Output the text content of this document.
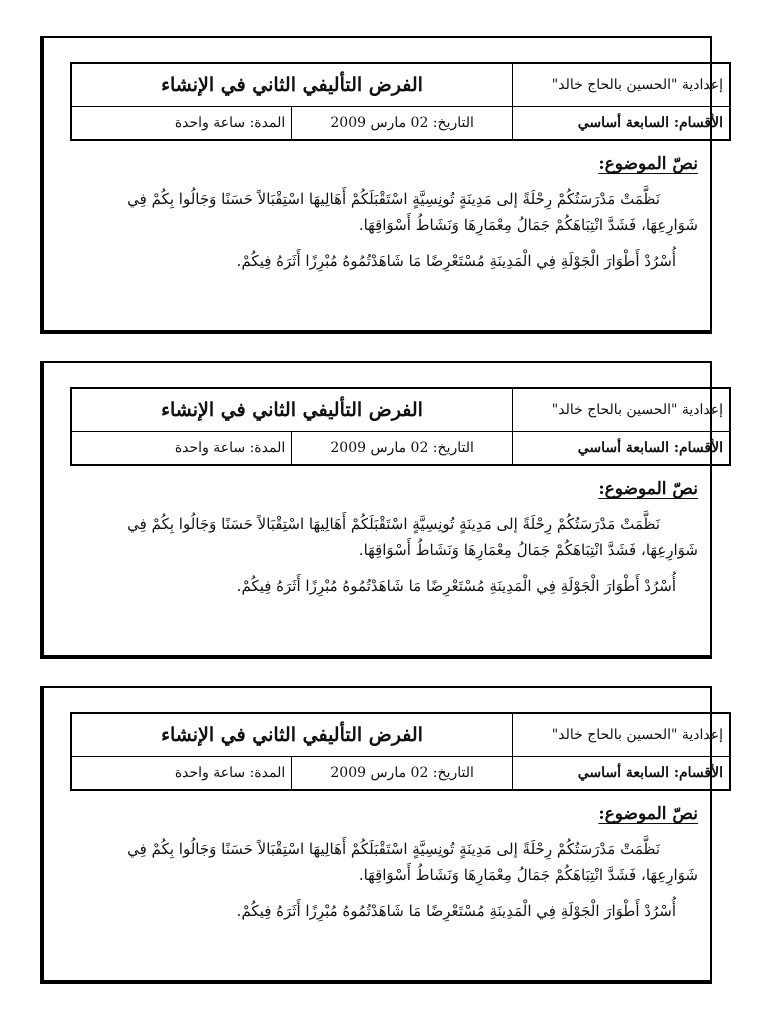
إعدادية "الحسين بالحاج خالد"	الفرض التأليفي الثاني في الإنشاء	
الأقسام: السابعة أساسي	التاريخ: 02 مارس 2009	المدة: ساعة واحدة
نصّ الموضوع:
نَظَّمَتْ مَدْرَسَتُكُمْ رِحْلَةً إلى مَدِينَةٍ تُونِسِيَّةٍ اسْتَقْبَلَكُمْ أَهَالِيهَا اسْتِقْبَالاً حَسَنًا وَجَالُوا بِكُمْ فِي
شَوَارِعِهَا، فَشَدَّ انْتِبَاهَكُمْ جَمَالُ مِعْمَارِهَا وَنَشَاطُ أَسْوَاقِهَا.
أُسْرُدْ أَطْوَارَ الْجَوْلَةِ فِي الْمَدِينَةِ مُسْتَعْرِضًا مَا شَاهَدْتُمُوهُ مُبْرِزًا أَثَرَهُ فِيكُمْ.
إعدادية "الحسين بالحاج خالد"	الفرض التأليفي الثاني في الإنشاء	
الأقسام: السابعة أساسي	التاريخ: 02 مارس 2009	المدة: ساعة واحدة
نصّ الموضوع:
نَظَّمَتْ مَدْرَسَتُكُمْ رِحْلَةً إلى مَدِينَةٍ تُونِسِيَّةٍ اسْتَقْبَلَكُمْ أَهَالِيهَا اسْتِقْبَالاً حَسَنًا وَجَالُوا بِكُمْ فِي
شَوَارِعِهَا، فَشَدَّ انْتِبَاهَكُمْ جَمَالُ مِعْمَارِهَا وَنَشَاطُ أَسْوَاقِهَا.
أُسْرُدْ أَطْوَارَ الْجَوْلَةِ فِي الْمَدِينَةِ مُسْتَعْرِضًا مَا شَاهَدْتُمُوهُ مُبْرِزًا أَثَرَهُ فِيكُمْ.
إعدادية "الحسين بالحاج خالد"	الفرض التأليفي الثاني في الإنشاء	
الأقسام: السابعة أساسي	التاريخ: 02 مارس 2009	المدة: ساعة واحدة
نصّ الموضوع:
نَظَّمَتْ مَدْرَسَتُكُمْ رِحْلَةً إلى مَدِينَةٍ تُونِسِيَّةٍ اسْتَقْبَلَكُمْ أَهَالِيهَا اسْتِقْبَالاً حَسَنًا وَجَالُوا بِكُمْ فِي
شَوَارِعِهَا، فَشَدَّ انْتِبَاهَكُمْ جَمَالُ مِعْمَارِهَا وَنَشَاطُ أَسْوَاقِهَا.
أُسْرُدْ أَطْوَارَ الْجَوْلَةِ فِي الْمَدِينَةِ مُسْتَعْرِضًا مَا شَاهَدْتُمُوهُ مُبْرِزًا أَثَرَهُ فِيكُمْ.
